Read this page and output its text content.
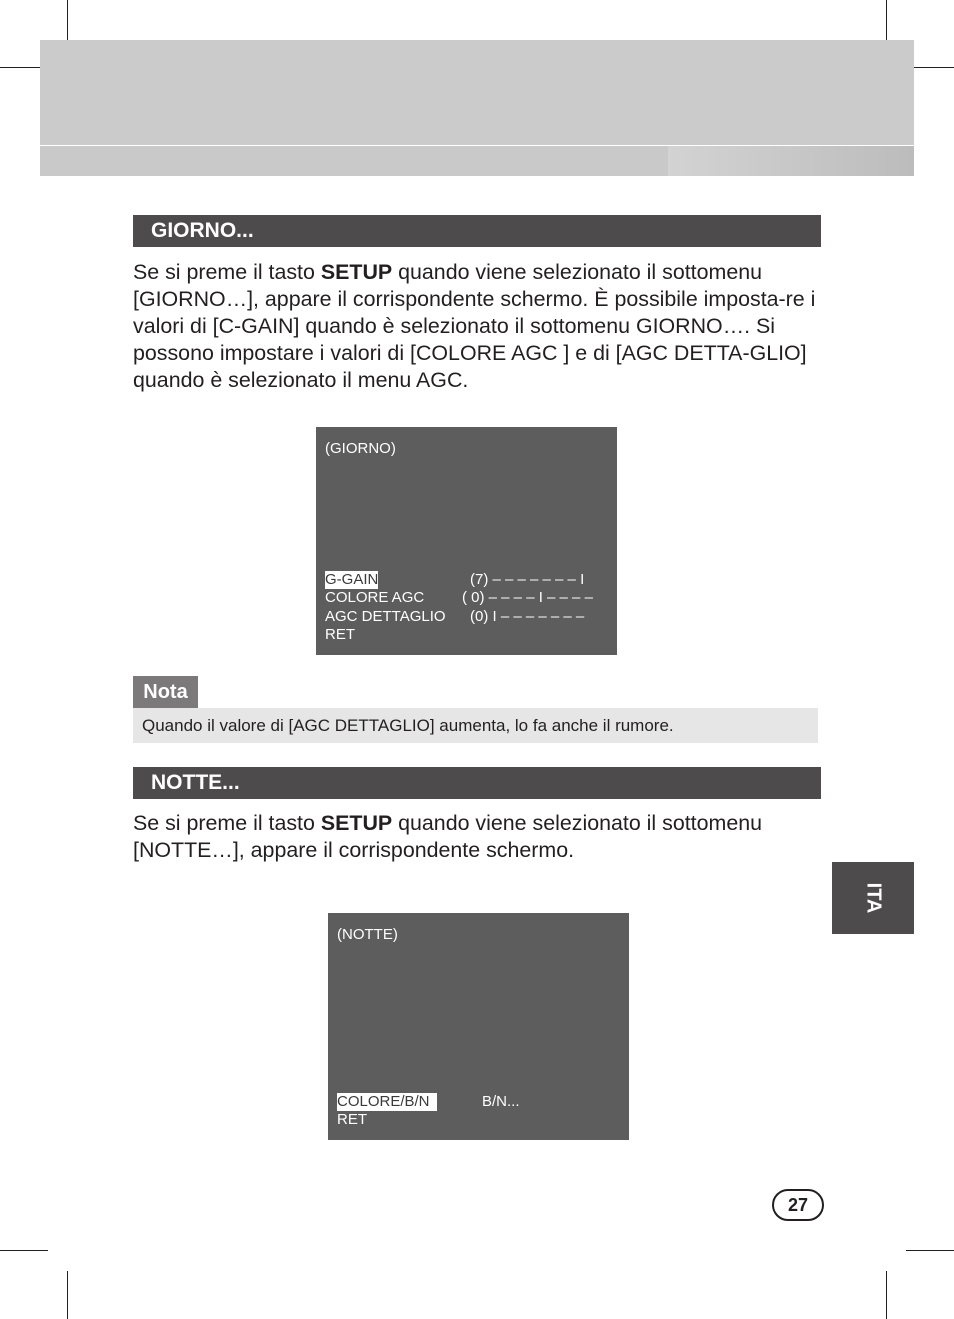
GIORNO...

Se si preme il tasto SETUP quando viene selezionato il sottomenu [GIORNO…], appare il corrispondente schermo. È possibile imposta-re i valori di [C-GAIN] quando è selezionato il sottomenu GIORNO…. Si possono impostare i valori di [COLORE AGC ] e di [AGC DETTA-GLIO] quando è selezionato il menu AGC.

(GIORNO)
G-GAIN	(7) – – – – – – – I
COLORE AGC	( 0) – – – – I – – – –
AGC DETTAGLIO (0) I – – – – – – –
RET
Nota
Quando il valore di [AGC DETTAGLIO] aumenta, lo fa anche il rumore.
NOTTE...

Se si preme il tasto SETUP quando viene selezionato il sottomenu [NOTTE…], appare il corrispondente schermo.

(NOTTE)
COLORE/B/N	B/N...
RET
ITA
27
